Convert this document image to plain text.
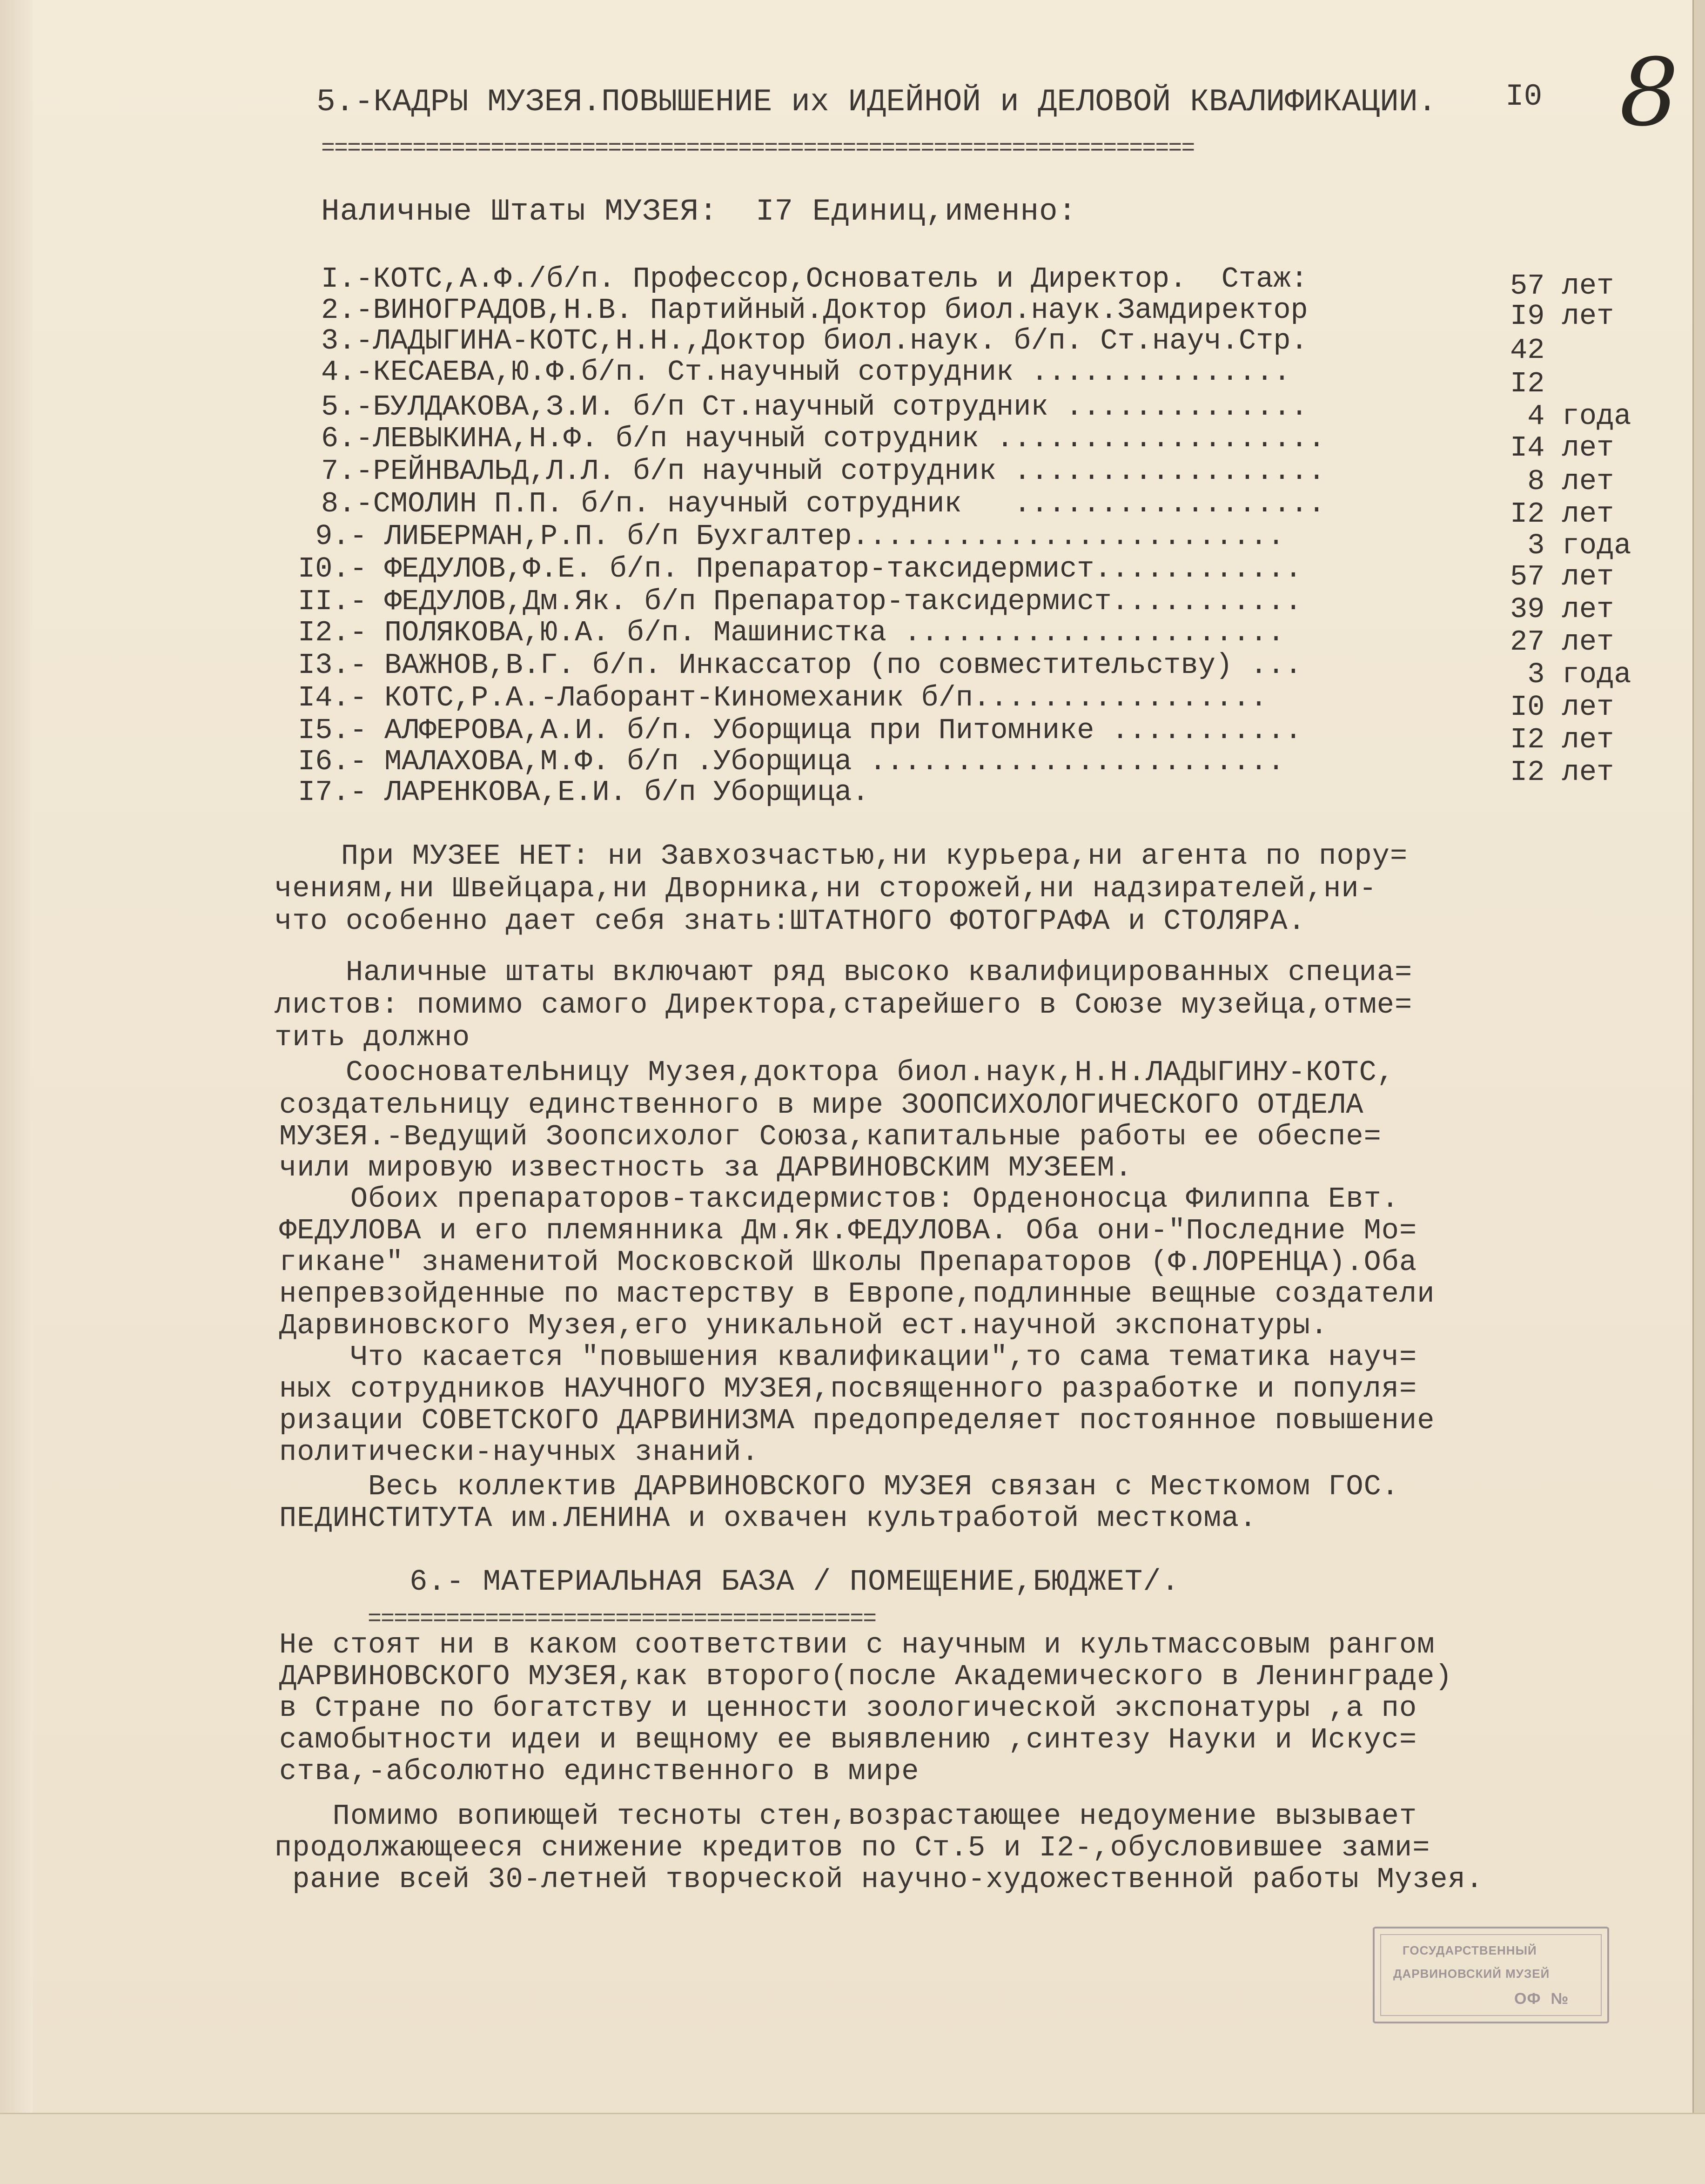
5.-КАДРЫ МУЗЕЯ.ПОВЫШЕНИЕ их ИДЕЙНОЙ и ДЕЛОВОЙ КВАЛИФИКАЦИИ. I0 8
===================================================================
Наличные Штаты МУЗЕЯ:  I7 Единиц,именно:
I.-КОТС,А.Ф./б/п. Профессор,Основатель и Директор.  Стаж:	57 лет
2.-ВИНОГРАДОВ,Н.В. Партийный.Доктор биол.наук.Замдиректор	I9 лет
3.-ЛАДЫГИНА-КОТС,Н.Н.,Доктор биол.наук. б/п. Ст.науч.Стр.	42
4.-КЕСАЕВА,Ю.Ф.б/п. Ст.научный сотрудник ...............	I2
5.-БУЛДАКОВА,З.И. б/п Ст.научный сотрудник ..............	4 года
6.-ЛЕВЫКИНА,Н.Ф. б/п научный сотрудник ...................	I4 лет
7.-РЕЙНВАЛЬД,Л.Л. б/п научный сотрудник ..................	8 лет
8.-СМОЛИН П.П. б/п. научный сотрудник   ..................	I2 лет
9.- ЛИБЕРМАН,Р.П. б/п Бухгалтер.........................	3 года
I0.- ФЕДУЛОВ,Ф.Е. б/п. Препаратор-таксидермист............	57 лет
II.- ФЕДУЛОВ,Дм.Як. б/п Препаратор-таксидермист...........	39 лет
I2.- ПОЛЯКОВА,Ю.А. б/п. Машинистка ......................	27 лет
I3.- ВАЖНОВ,В.Г. б/п. Инкассатор (по совместительству) ...	3 года
I4.- КОТС,Р.А.-Лаборант-Киномеханик б/п.................	I0 лет
I5.- АЛФЕРОВА,А.И. б/п. Уборщица при Питомнике ...........	I2 лет
I6.- МАЛАХОВА,М.Ф. б/п .Уборщица ........................	I2 лет
I7.- ЛАРЕНКОВА,Е.И. б/п Уборщица.
При МУЗЕЕ НЕТ: ни Завхозчастью,ни курьера,ни агента по пору=
чениям,ни Швейцара,ни Дворника,ни сторожей,ни надзирателей,ни-
что особенно дает себя знать:ШТАТНОГО ФОТОГРАФА и СТОЛЯРА.
Наличные штаты включают ряд высоко квалифицированных специа=
листов: помимо самого Директора,старейшего в Союзе музейца,отме=
тить должно
СооснователЬницу Музея,доктора биол.наук,Н.Н.ЛАДЫГИНУ-КОТС,
создательницу единственного в мире ЗООПСИХОЛОГИЧЕСКОГО ОТДЕЛА
МУЗЕЯ.-Ведущий Зоопсихолог Союза,капитальные работы ее обеспе=
чили мировую известность за ДАРВИНОВСКИМ МУЗЕЕМ.
Обоих препараторов-таксидермистов: Орденоносца Филиппа Евт.
ФЕДУЛОВА и его племянника Дм.Як.ФЕДУЛОВА. Оба они-"Последние Мо=
гикане" знаменитой Московской Школы Препараторов (Ф.ЛОРЕНЦА).Оба
непревзойденные по мастерству в Европе,подлинные вещные создатели
Дарвиновского Музея,его уникальной ест.научной экспонатуры.
Что касается "повышения квалификации",то сама тематика науч=
ных сотрудников НАУЧНОГО МУЗЕЯ,посвященного разработке и популя=
ризации СОВЕТСКОГО ДАРВИНИЗМА предопределяет постоянное повышение
политически-научных знаний.
Весь коллектив ДАРВИНОВСКОГО МУЗЕЯ связан с Месткомом ГОС.
ПЕДИНСТИТУТА им.ЛЕНИНА и охвачен культработой месткома.
6.- МАТЕРИАЛЬНАЯ БАЗА / ПОМЕЩЕНИЕ,БЮДЖЕТ/.
=======================================
Не стоят ни в каком соответствии с научным и культмассовым рангом
ДАРВИНОВСКОГО МУЗЕЯ,как второго(после Академического в Ленинграде)
в Стране по богатству и ценности зоологической экспонатуры ,а по
самобытности идеи и вещному ее выявлению ,синтезу Науки и Искус=
ства,-абсолютно единственного в мире
Помимо вопиющей тесноты стен,возрастающее недоумение вызывает
продолжающееся снижение кредитов по Ст.5 и I2-,обусловившее зами=
рание всей 30-летней творческой научно-художественной работы Музея.
ГОСУДАРСТВЕННЫЙ
ДАРВИНОВСКИЙ МУЗЕЙ
ОФ  №
